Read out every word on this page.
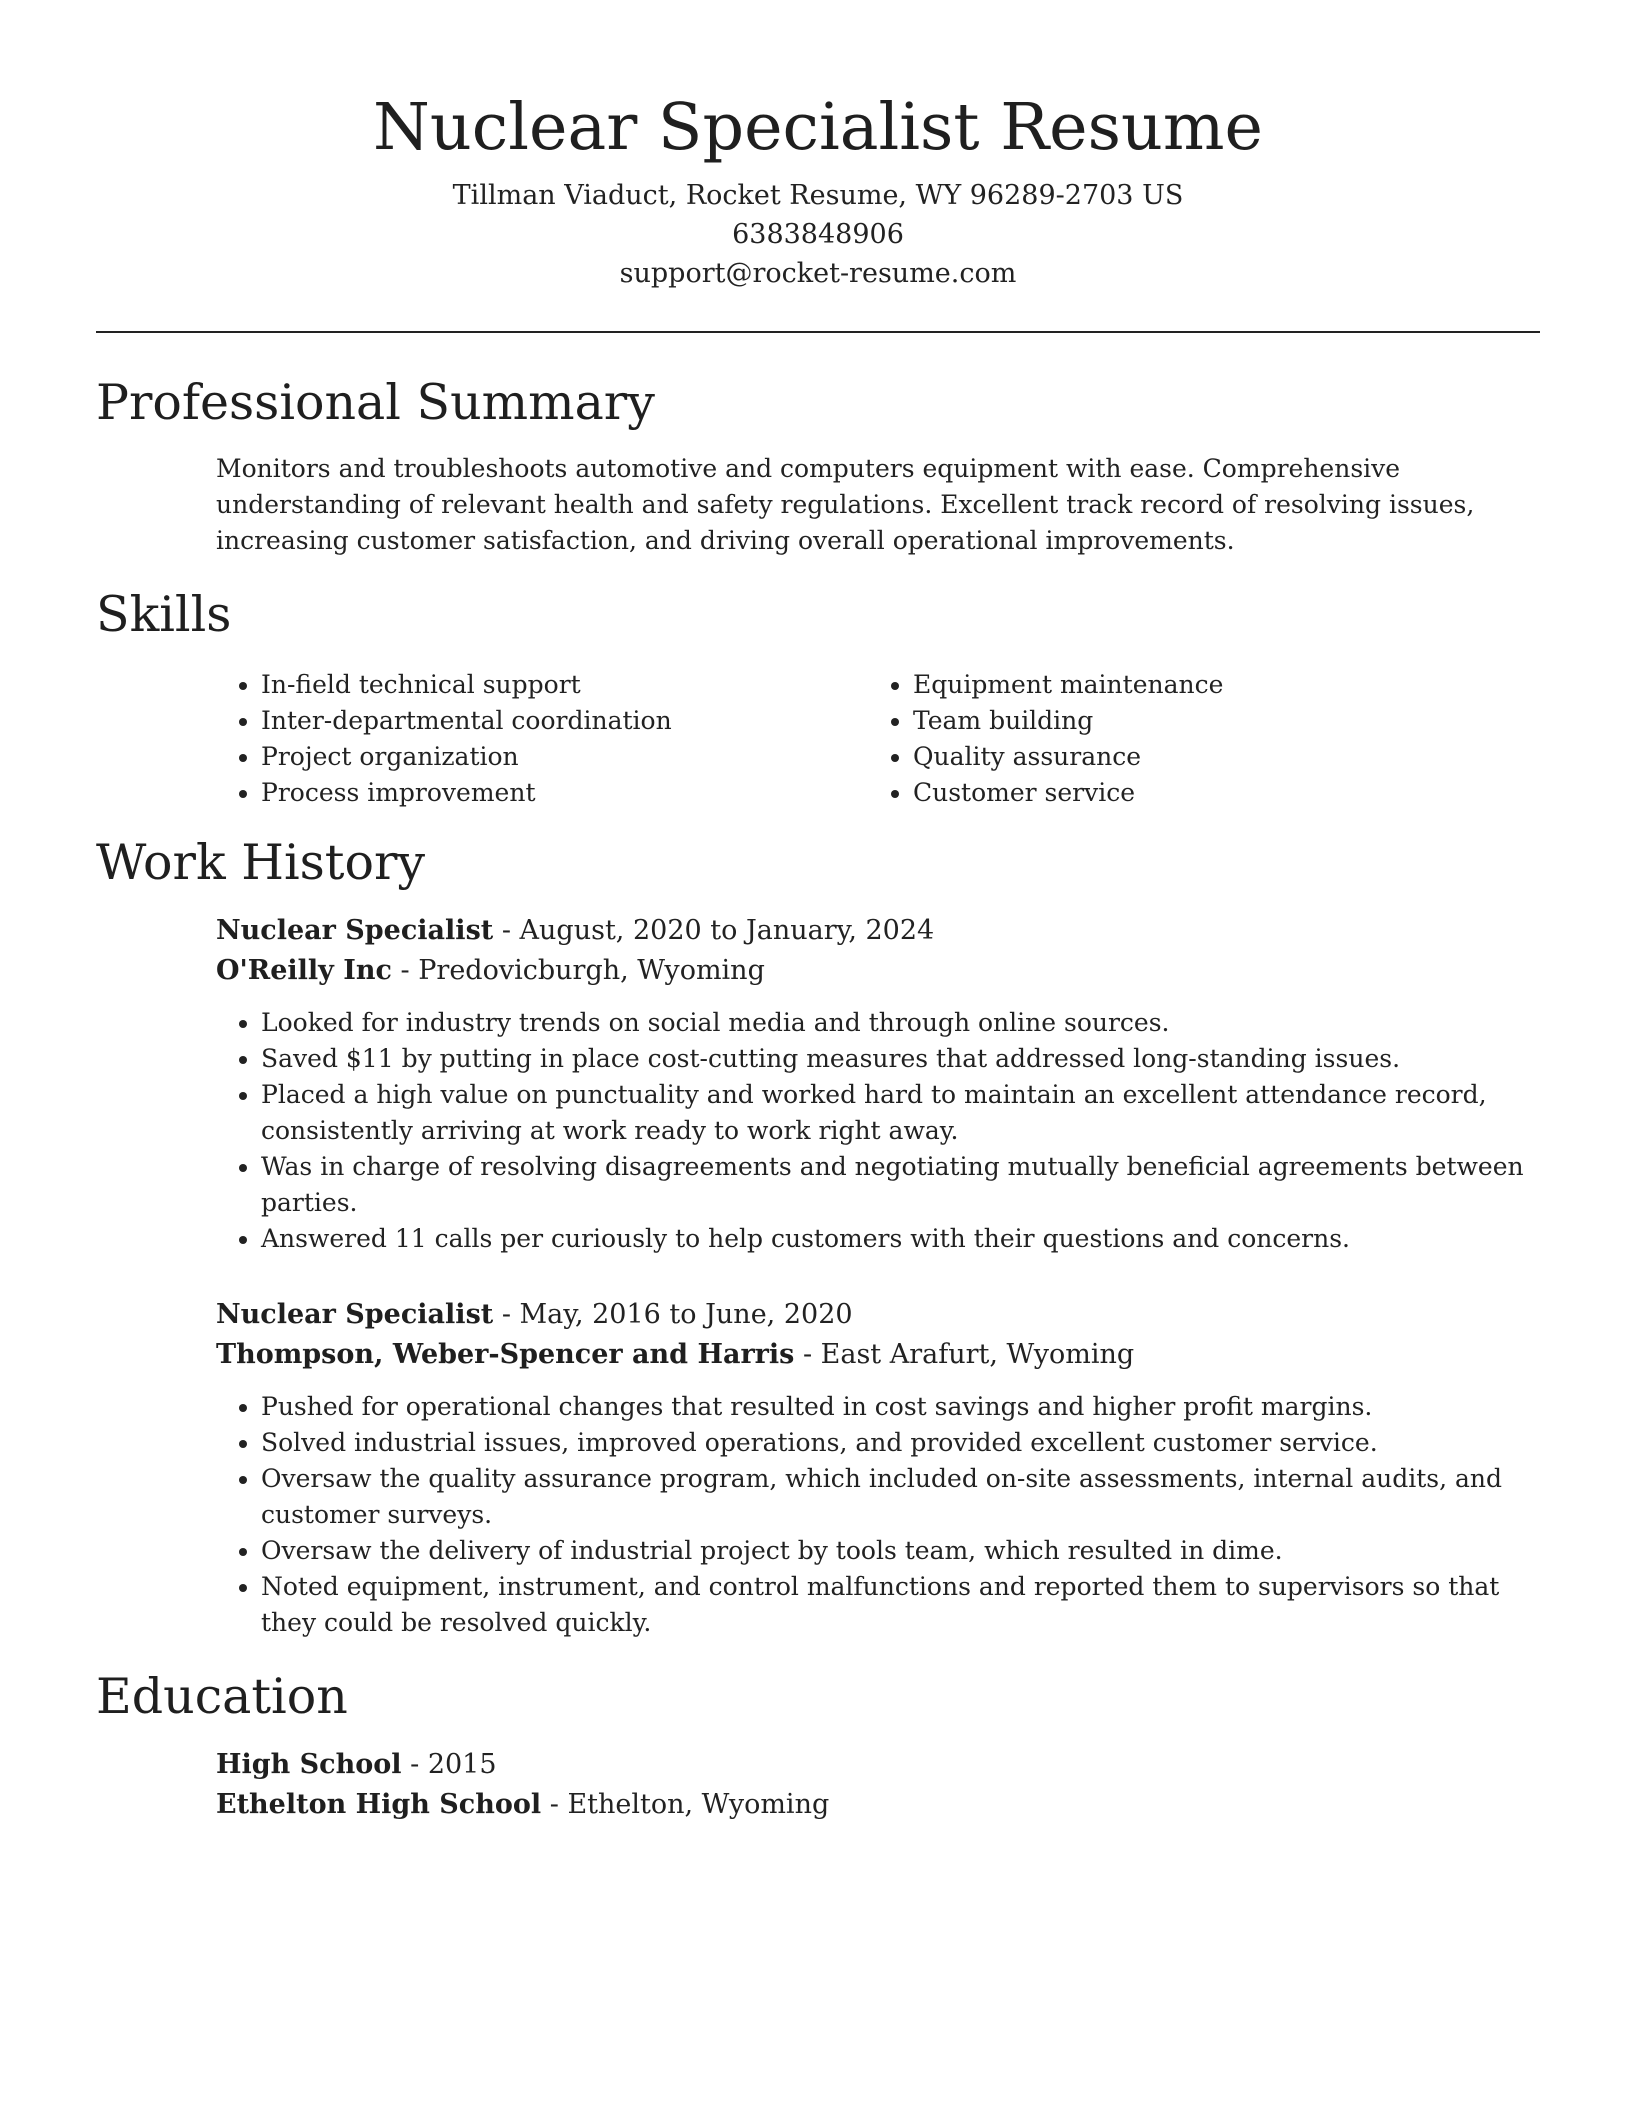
Nuclear Specialist Resume
Tillman Viaduct, Rocket Resume, WY 96289-2703 US
6383848906
support@rocket-resume.com
Professional Summary

Monitors and troubleshoots automotive and computers equipment with ease. Comprehensive understanding of relevant health and safety regulations. Excellent track record of resolving issues, increasing customer satisfaction, and driving overall operational improvements.

Skills
• In-field technical support
• Inter-departmental coordination
• Project organization
• Process improvement
• Equipment maintenance
• Team building
• Quality assurance
• Customer service
Work History
Nuclear Specialist - August, 2020 to January, 2024
O'Reilly Inc - Predovicburgh, Wyoming
• Looked for industry trends on social media and through online sources.
• Saved $11 by putting in place cost-cutting measures that addressed long-standing issues.
• Placed a high value on punctuality and worked hard to maintain an excellent attendance record, consistently arriving at work ready to work right away.
• Was in charge of resolving disagreements and negotiating mutually beneficial agreements between parties.
• Answered 11 calls per curiously to help customers with their questions and concerns.
Nuclear Specialist - May, 2016 to June, 2020
Thompson, Weber-Spencer and Harris - East Arafurt, Wyoming
• Pushed for operational changes that resulted in cost savings and higher profit margins.
• Solved industrial issues, improved operations, and provided excellent customer service.
• Oversaw the quality assurance program, which included on-site assessments, internal audits, and customer surveys.
• Oversaw the delivery of industrial project by tools team, which resulted in dime.
• Noted equipment, instrument, and control malfunctions and reported them to supervisors so that they could be resolved quickly.
Education
High School - 2015
Ethelton High School - Ethelton, Wyoming
